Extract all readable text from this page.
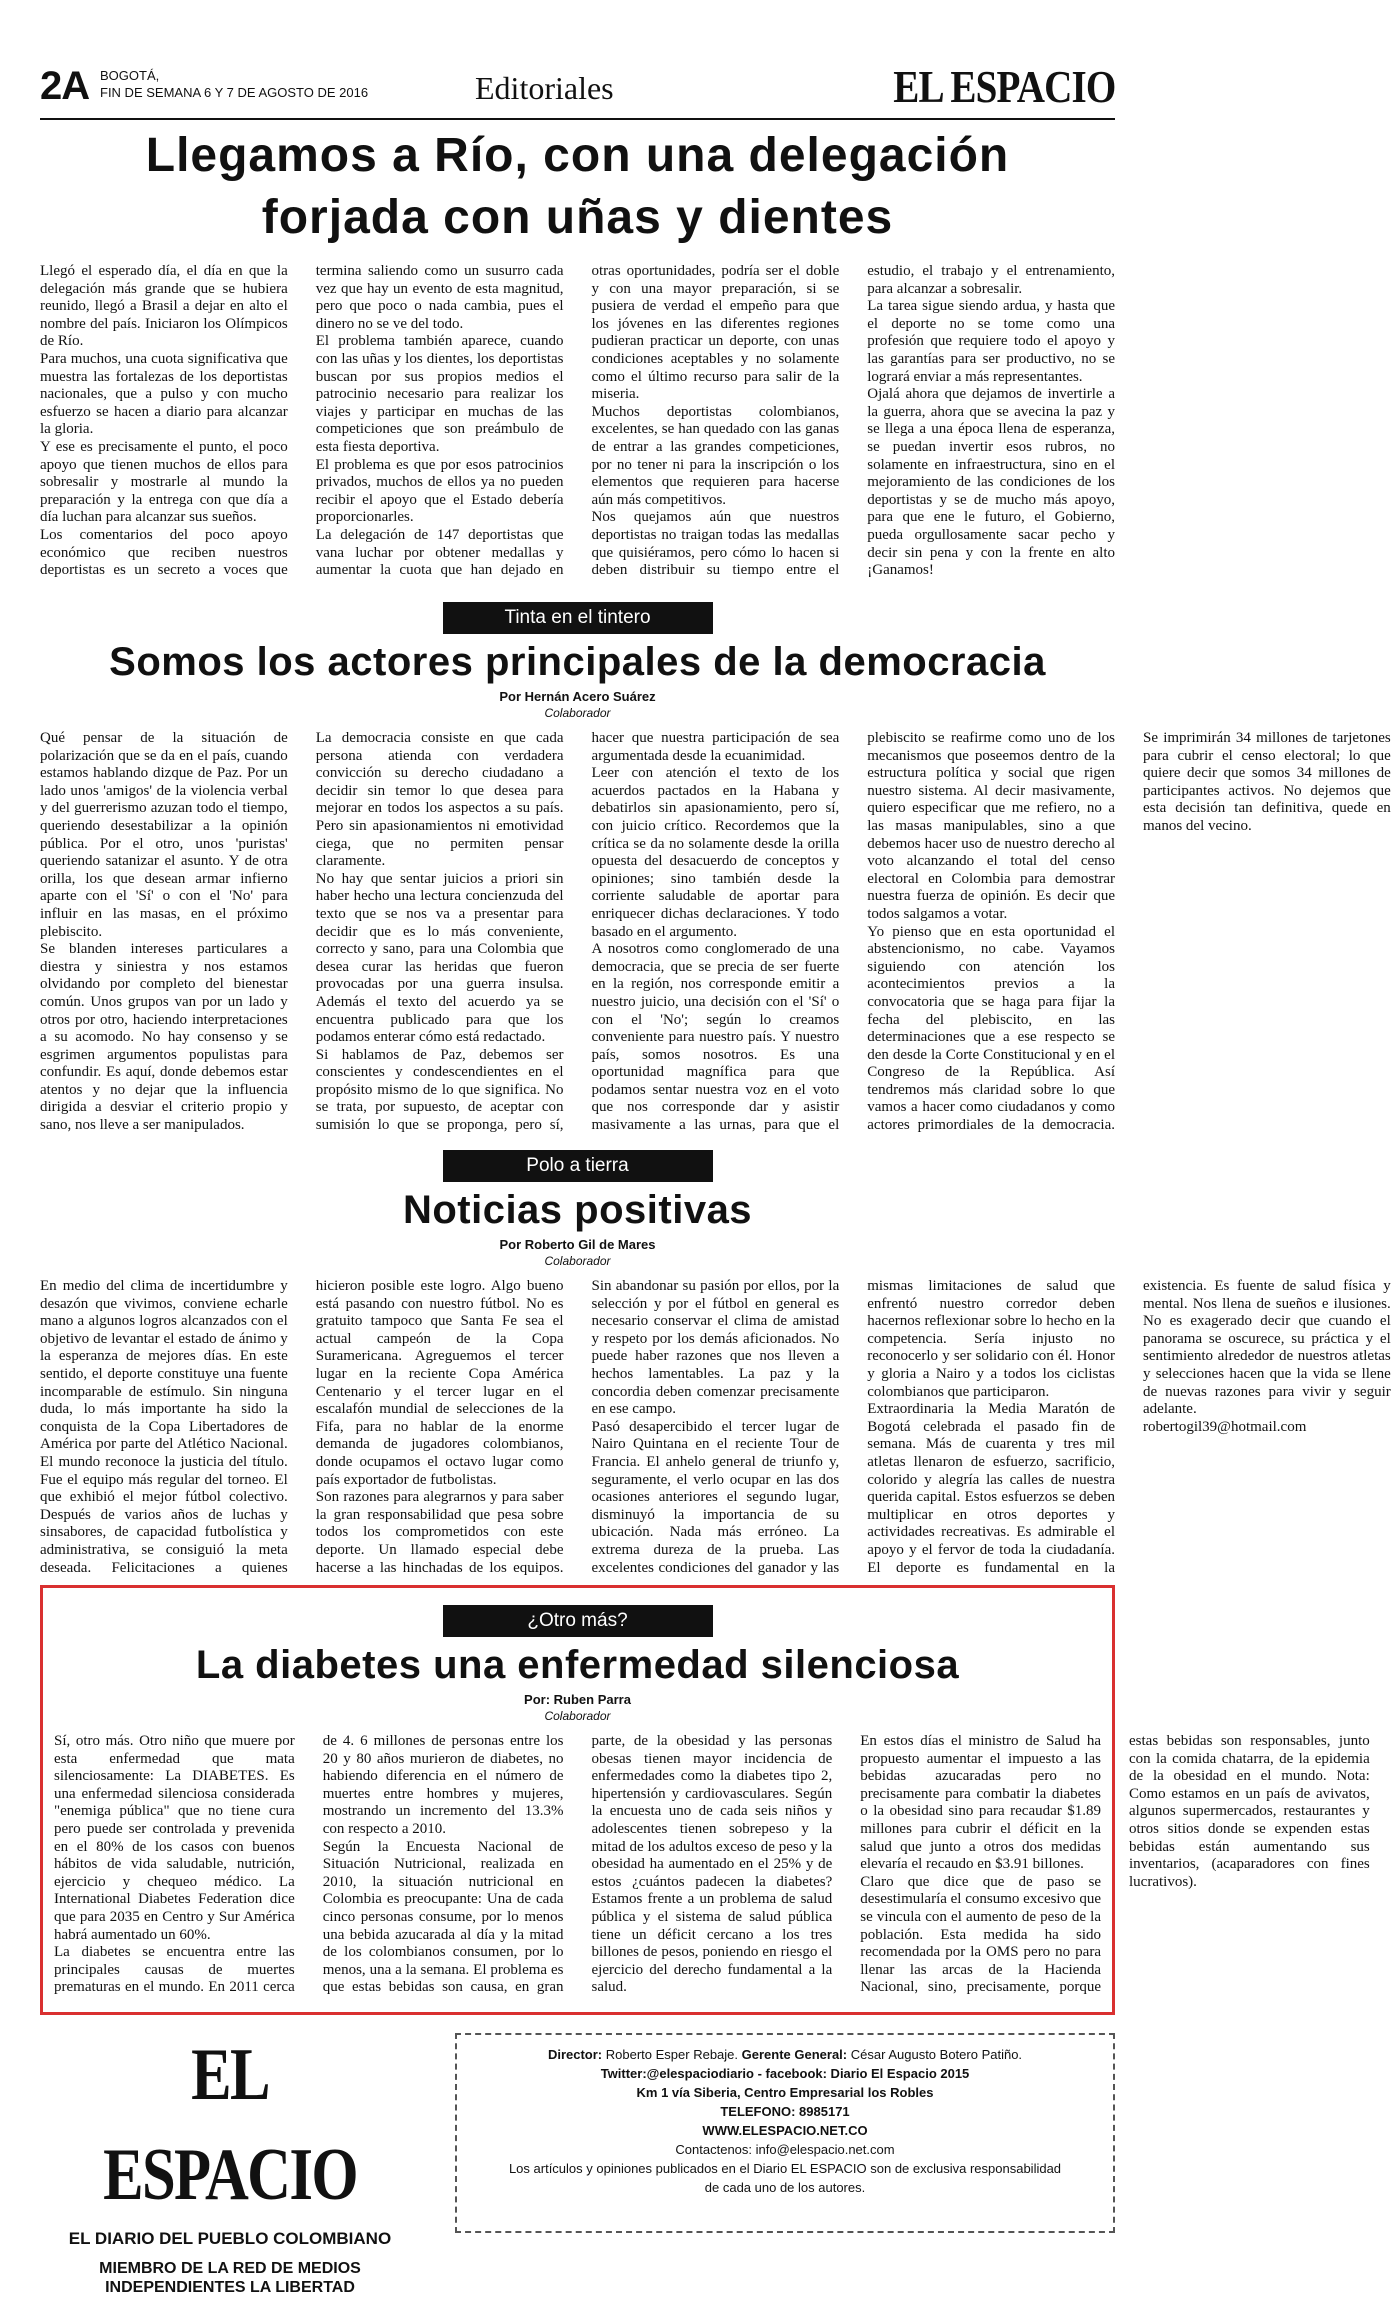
2A BOGOTÁ,
FIN DE SEMANA 6 Y 7 DE AGOSTO DE 2016	Editoriales	EL ESPACIO
Llegamos a Río, con una delegación
forjada con uñas y dientes

Llegó el esperado día, el día en que la delegación más grande que se hubiera reunido, llegó a Brasil a dejar en alto el nombre del país. Iniciaron los Olímpicos de Río.

Para muchos, una cuota significativa que muestra las fortalezas de los deportistas nacionales, que a pulso y con mucho esfuerzo se hacen a diario para alcanzar la gloria.

Y ese es precisamente el punto, el poco apoyo que tienen muchos de ellos para sobresalir y mostrarle al mundo la preparación y la entrega con que día a día luchan para alcanzar sus sueños.

Los comentarios del poco apoyo económico que reciben nuestros deportistas es un secreto a voces que termina saliendo como un susurro cada vez que hay un evento de esta magnitud, pero que poco o nada cambia, pues el dinero no se ve del todo.

El problema también aparece, cuando con las uñas y los dientes, los deportistas buscan por sus propios medios el patrocinio necesario para realizar los viajes y participar en muchas de las competiciones que son preámbulo de esta fiesta deportiva.

El problema es que por esos patrocinios privados, muchos de ellos ya no pueden recibir el apoyo que el Estado debería proporcionarles.

La delegación de 147 deportistas que vana luchar por obtener medallas y aumentar la cuota que han dejado en otras oportunidades, podría ser el doble y con una mayor preparación, si se pusiera de verdad el empeño para que los jóvenes en las diferentes regiones pudieran practicar un deporte, con unas condiciones aceptables y no solamente como el último recurso para salir de la miseria.

Muchos deportistas colombianos, excelentes, se han quedado con las ganas de entrar a las grandes competiciones, por no tener ni para la inscripción o los elementos que requieren para hacerse aún más competitivos.

Nos quejamos aún que nuestros deportistas no traigan todas las medallas que quisiéramos, pero cómo lo hacen si deben distribuir su tiempo entre el estudio, el trabajo y el entrenamiento, para alcanzar a sobresalir.

La tarea sigue siendo ardua, y hasta que el deporte no se tome como una profesión que requiere todo el apoyo y las garantías para ser productivo, no se logrará enviar a más representantes.

Ojalá ahora que dejamos de invertirle a la guerra, ahora que se avecina la paz y se llega a una época llena de esperanza, se puedan invertir esos rubros, no solamente en infraestructura, sino en el mejoramiento de las condiciones de los deportistas y se de mucho más apoyo, para que ene le futuro, el Gobierno, pueda orgullosamente sacar pecho y decir sin pena y con la frente en alto ¡Ganamos!

Tinta en el tintero
Somos los actores principales de la democracia
Por Hernán Acero Suárez
Colaborador

Qué pensar de la situación de polarización que se da en el país, cuando estamos hablando dizque de Paz. Por un lado unos 'amigos' de la violencia verbal y del guerrerismo azuzan todo el tiempo, queriendo desestabilizar a la opinión pública. Por el otro, unos 'puristas' queriendo satanizar el asunto. Y de otra orilla, los que desean armar infierno aparte con el 'Sí' o con el 'No' para influir en las masas, en el próximo plebiscito.

Se blanden intereses particulares a diestra y siniestra y nos estamos olvidando por completo del bienestar común. Unos grupos van por un lado y otros por otro, haciendo interpretaciones a su acomodo. No hay consenso y se esgrimen argumentos populistas para confundir. Es aquí, donde debemos estar atentos y no dejar que la influencia dirigida a desviar el criterio propio y sano, nos lleve a ser manipulados.

La democracia consiste en que cada persona atienda con verdadera convicción su derecho ciudadano a decidir sin temor lo que desea para mejorar en todos los aspectos a su país. Pero sin apasionamientos ni emotividad ciega, que no permiten pensar claramente.

No hay que sentar juicios a priori sin haber hecho una lectura concienzuda del texto que se nos va a presentar para decidir que es lo más conveniente, correcto y sano, para una Colombia que desea curar las heridas que fueron provocadas por una guerra insulsa. Además el texto del acuerdo ya se encuentra publicado para que los podamos enterar cómo está redactado.

Si hablamos de Paz, debemos ser conscientes y condescendientes en el propósito mismo de lo que significa. No se trata, por supuesto, de aceptar con sumisión lo que se proponga, pero sí, hacer que nuestra participación de sea argumentada desde la ecuanimidad.

Leer con atención el texto de los acuerdos pactados en la Habana y debatirlos sin apasionamiento, pero sí, con juicio crítico. Recordemos que la crítica se da no solamente desde la orilla opuesta del desacuerdo de conceptos y opiniones; sino también desde la corriente saludable de aportar para enriquecer dichas declaraciones. Y todo basado en el argumento.

A nosotros como conglomerado de una democracia, que se precia de ser fuerte en la región, nos corresponde emitir a nuestro juicio, una decisión con el 'Sí' o con el 'No'; según lo creamos conveniente para nuestro país. Y nuestro país, somos nosotros. Es una oportunidad magnífica para que podamos sentar nuestra voz en el voto que nos corresponde dar y asistir masivamente a las urnas, para que el plebiscito se reafirme como uno de los mecanismos que poseemos dentro de la estructura política y social que rigen nuestro sistema. Al decir masivamente, quiero especificar que me refiero, no a las masas manipulables, sino a que debemos hacer uso de nuestro derecho al voto alcanzando el total del censo electoral en Colombia para demostrar nuestra fuerza de opinión. Es decir que todos salgamos a votar.

Yo pienso que en esta oportunidad el abstencionismo, no cabe. Vayamos siguiendo con atención los acontecimientos previos a la convocatoria que se haga para fijar la fecha del plebiscito, en las determinaciones que a ese respecto se den desde la Corte Constitucional y en el Congreso de la República. Así tendremos más claridad sobre lo que vamos a hacer como ciudadanos y como actores primordiales de la democracia. Se imprimirán 34 millones de tarjetones para cubrir el censo electoral; lo que quiere decir que somos 34 millones de participantes activos. No dejemos que esta decisión tan definitiva, quede en manos del vecino.

Polo a tierra
Noticias positivas
Por Roberto Gil de Mares
Colaborador

En medio del clima de incertidumbre y desazón que vivimos, conviene echarle mano a algunos logros alcanzados con el objetivo de levantar el estado de ánimo y la esperanza de mejores días. En este sentido, el deporte constituye una fuente incomparable de estímulo. Sin ninguna duda, lo más importante ha sido la conquista de la Copa Libertadores de América por parte del Atlético Nacional. El mundo reconoce la justicia del título. Fue el equipo más regular del torneo. El que exhibió el mejor fútbol colectivo. Después de varios años de luchas y sinsabores, de capacidad futbolística y administrativa, se consiguió la meta deseada. Felicitaciones a quienes hicieron posible este logro. Algo bueno está pasando con nuestro fútbol. No es gratuito tampoco que Santa Fe sea el actual campeón de la Copa Suramericana. Agreguemos el tercer lugar en la reciente Copa América Centenario y el tercer lugar en el escalafón mundial de selecciones de la Fifa, para no hablar de la enorme demanda de jugadores colombianos, donde ocupamos el octavo lugar como país exportador de futbolistas.

Son razones para alegrarnos y para saber la gran responsabilidad que pesa sobre todos los comprometidos con este deporte. Un llamado especial debe hacerse a las hinchadas de los equipos. Sin abandonar su pasión por ellos, por la selección y por el fútbol en general es necesario conservar el clima de amistad y respeto por los demás aficionados. No puede haber razones que nos lleven a hechos lamentables. La paz y la concordia deben comenzar precisamente en ese campo.

Pasó desapercibido el tercer lugar de Nairo Quintana en el reciente Tour de Francia. El anhelo general de triunfo y, seguramente, el verlo ocupar en las dos ocasiones anteriores el segundo lugar, disminuyó la importancia de su ubicación. Nada más erróneo. La extrema dureza de la prueba. Las excelentes condiciones del ganador y las mismas limitaciones de salud que enfrentó nuestro corredor deben hacernos reflexionar sobre lo hecho en la competencia. Sería injusto no reconocerlo y ser solidario con él. Honor y gloria a Nairo y a todos los ciclistas colombianos que participaron.

Extraordinaria la Media Maratón de Bogotá celebrada el pasado fin de semana. Más de cuarenta y tres mil atletas llenaron de esfuerzo, sacrificio, colorido y alegría las calles de nuestra querida capital. Estos esfuerzos se deben multiplicar en otros deportes y actividades recreativas. Es admirable el apoyo y el fervor de toda la ciudadanía. El deporte es fundamental en la existencia. Es fuente de salud física y mental. Nos llena de sueños e ilusiones. No es exagerado decir que cuando el panorama se oscurece, su práctica y el sentimiento alrededor de nuestros atletas y selecciones hacen que la vida se llene de nuevas razones para vivir y seguir adelante.

robertogil39@hotmail.com

¿Otro más?
La diabetes una enfermedad silenciosa
Por: Ruben Parra
Colaborador

Sí, otro más. Otro niño que muere por esta enfermedad que mata silenciosamente: La DIABETES. Es una enfermedad silenciosa considerada "enemiga pública" que no tiene cura pero puede ser controlada y prevenida en el 80% de los casos con buenos hábitos de vida saludable, nutrición, ejercicio y chequeo médico. La International Diabetes Federation dice que para 2035 en Centro y Sur América habrá aumentado un 60%.

La diabetes se encuentra entre las principales causas de muertes prematuras en el mundo. En 2011 cerca de 4. 6 millones de personas entre los 20 y 80 años murieron de diabetes, no habiendo diferencia en el número de muertes entre hombres y mujeres, mostrando un incremento del 13.3% con respecto a 2010.

Según la Encuesta Nacional de Situación Nutricional, realizada en 2010, la situación nutricional en Colombia es preocupante: Una de cada cinco personas consume, por lo menos una bebida azucarada al día y la mitad de los colombianos consumen, por lo menos, una a la semana. El problema es que estas bebidas son causa, en gran parte, de la obesidad y las personas obesas tienen mayor incidencia de enfermedades como la diabetes tipo 2, hipertensión y cardiovasculares. Según la encuesta uno de cada seis niños y adolescentes tienen sobrepeso y la mitad de los adultos exceso de peso y la obesidad ha aumentado en el 25% y de estos ¿cuántos padecen la diabetes? Estamos frente a un problema de salud pública y el sistema de salud pública tiene un déficit cercano a los tres billones de pesos, poniendo en riesgo el ejercicio del derecho fundamental a la salud.

En estos días el ministro de Salud ha propuesto aumentar el impuesto a las bebidas azucaradas pero no precisamente para combatir la diabetes o la obesidad sino para recaudar $1.89 millones para cubrir el déficit en la salud que junto a otros dos medidas elevaría el recaudo en $3.91 billones.

Claro que dice que de paso se desestimularía el consumo excesivo que se vincula con el aumento de peso de la población. Esta medida ha sido recomendada por la OMS pero no para llenar las arcas de la Hacienda Nacional, sino, precisamente, porque estas bebidas son responsables, junto con la comida chatarra, de la epidemia de la obesidad en el mundo. Nota: Como estamos en un país de avivatos, algunos supermercados, restaurantes y otros sitios donde se expenden estas bebidas están aumentando sus inventarios, (acaparadores con fines lucrativos).

EL ESPACIO
EL DIARIO DEL PUEBLO COLOMBIANO
MIEMBRO DE LA RED DE MEDIOS
INDEPENDIENTES LA LIBERTAD
Director: Roberto Esper Rebaje. Gerente General: César Augusto Botero Patiño.
Twitter:@elespaciodiario - facebook: Diario El Espacio 2015
Km 1 vía Siberia, Centro Empresarial los Robles
TELEFONO: 8985171
WWW.ELESPACIO.NET.CO
Contactenos: info@elespacio.net.com
Los artículos y opiniones publicados en el Diario EL ESPACIO son de exclusiva responsabilidad
de cada uno de los autores.
